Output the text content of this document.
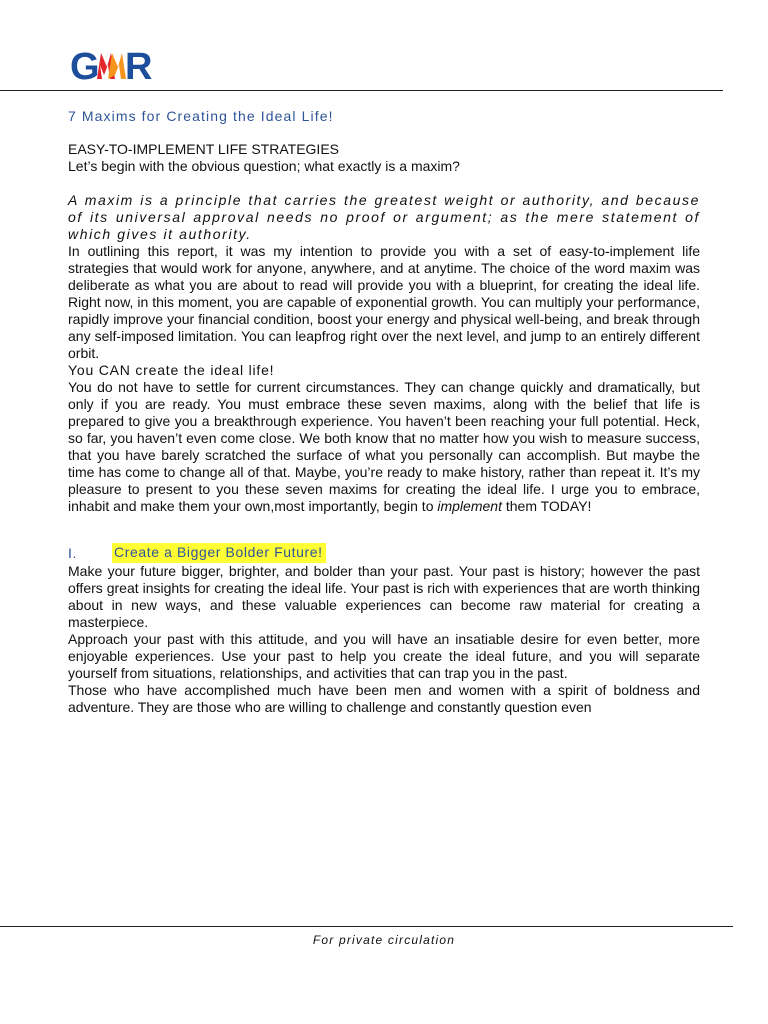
G R
7 Maxims for Creating the Ideal Life!
EASY-TO-IMPLEMENT LIFE STRATEGIES

Let’s begin with the obvious question; what exactly is a maxim?

A maxim is a principle that carries the greatest weight or authority, and because of its universal approval needs no proof or argument; as the mere statement of which gives it authority.

In outlining this report, it was my intention to provide you with a set of easy-to-implement life strategies that would work for anyone, anywhere, and at anytime. The choice of the word maxim was deliberate as what you are about to read will provide you with a blueprint, for creating the ideal life. Right now, in this moment, you are capable of exponential growth. You can multiply your performance, rapidly improve your financial condition, boost your energy and physical well-being, and break through any self-imposed limitation. You can leapfrog right over the next level, and jump to an entirely different orbit.

You CAN create the ideal life!

You do not have to settle for current circumstances. They can change quickly and dramatically, but only if you are ready. You must embrace these seven maxims, along with the belief that life is prepared to give you a breakthrough experience. You haven’t been reaching your full potential. Heck, so far, you haven’t even come close. We both know that no matter how you wish to measure success, that you have barely scratched the surface of what you personally can accomplish. But maybe the time has come to change all of that. Maybe, you’re ready to make history, rather than repeat it. It’s my pleasure to present to you these seven maxims for creating the ideal life. I urge you to embrace, inhabit and make them your own,most importantly, begin to implement them TODAY!

I.	Create a Bigger Bolder Future!

Make your future bigger, brighter, and bolder than your past. Your past is history; however the past offers great insights for creating the ideal life. Your past is rich with experiences that are worth thinking about in new ways, and these valuable experiences can become raw material for creating a masterpiece.

Approach your past with this attitude, and you will have an insatiable desire for even better, more enjoyable experiences. Use your past to help you create the ideal future, and you will separate yourself from situations, relationships, and activities that can trap you in the past.

Those who have accomplished much have been men and women with a spirit of boldness and adventure. They are those who are willing to challenge and constantly question even

For private circulation
